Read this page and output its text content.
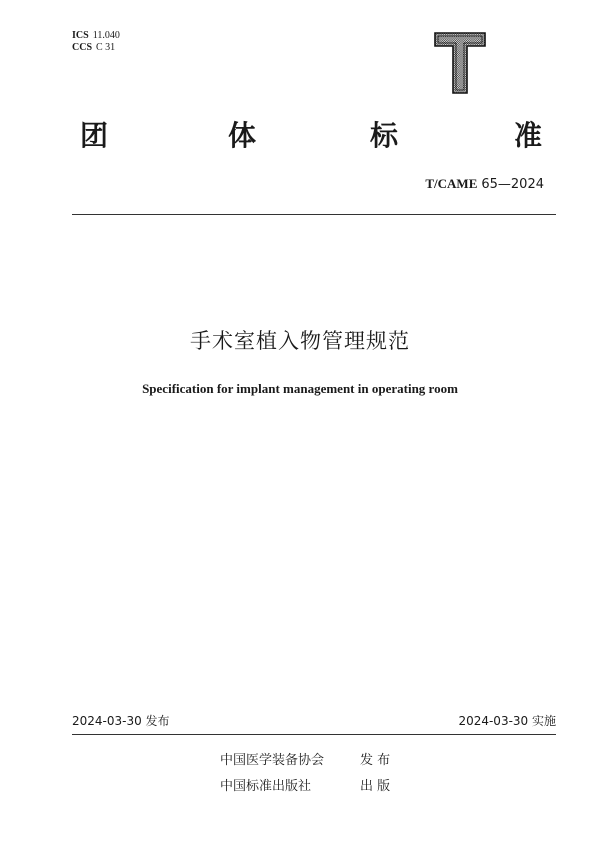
ICS 11.040
CCS C 31
团	体	标	准
T/CAME 65—2024
手术室植入物管理规范
Specification for implant management in operating room
2024-03-30 发布	2024-03-30 实施
中国医学装备协会	发 布
中国标准出版社	出 版
